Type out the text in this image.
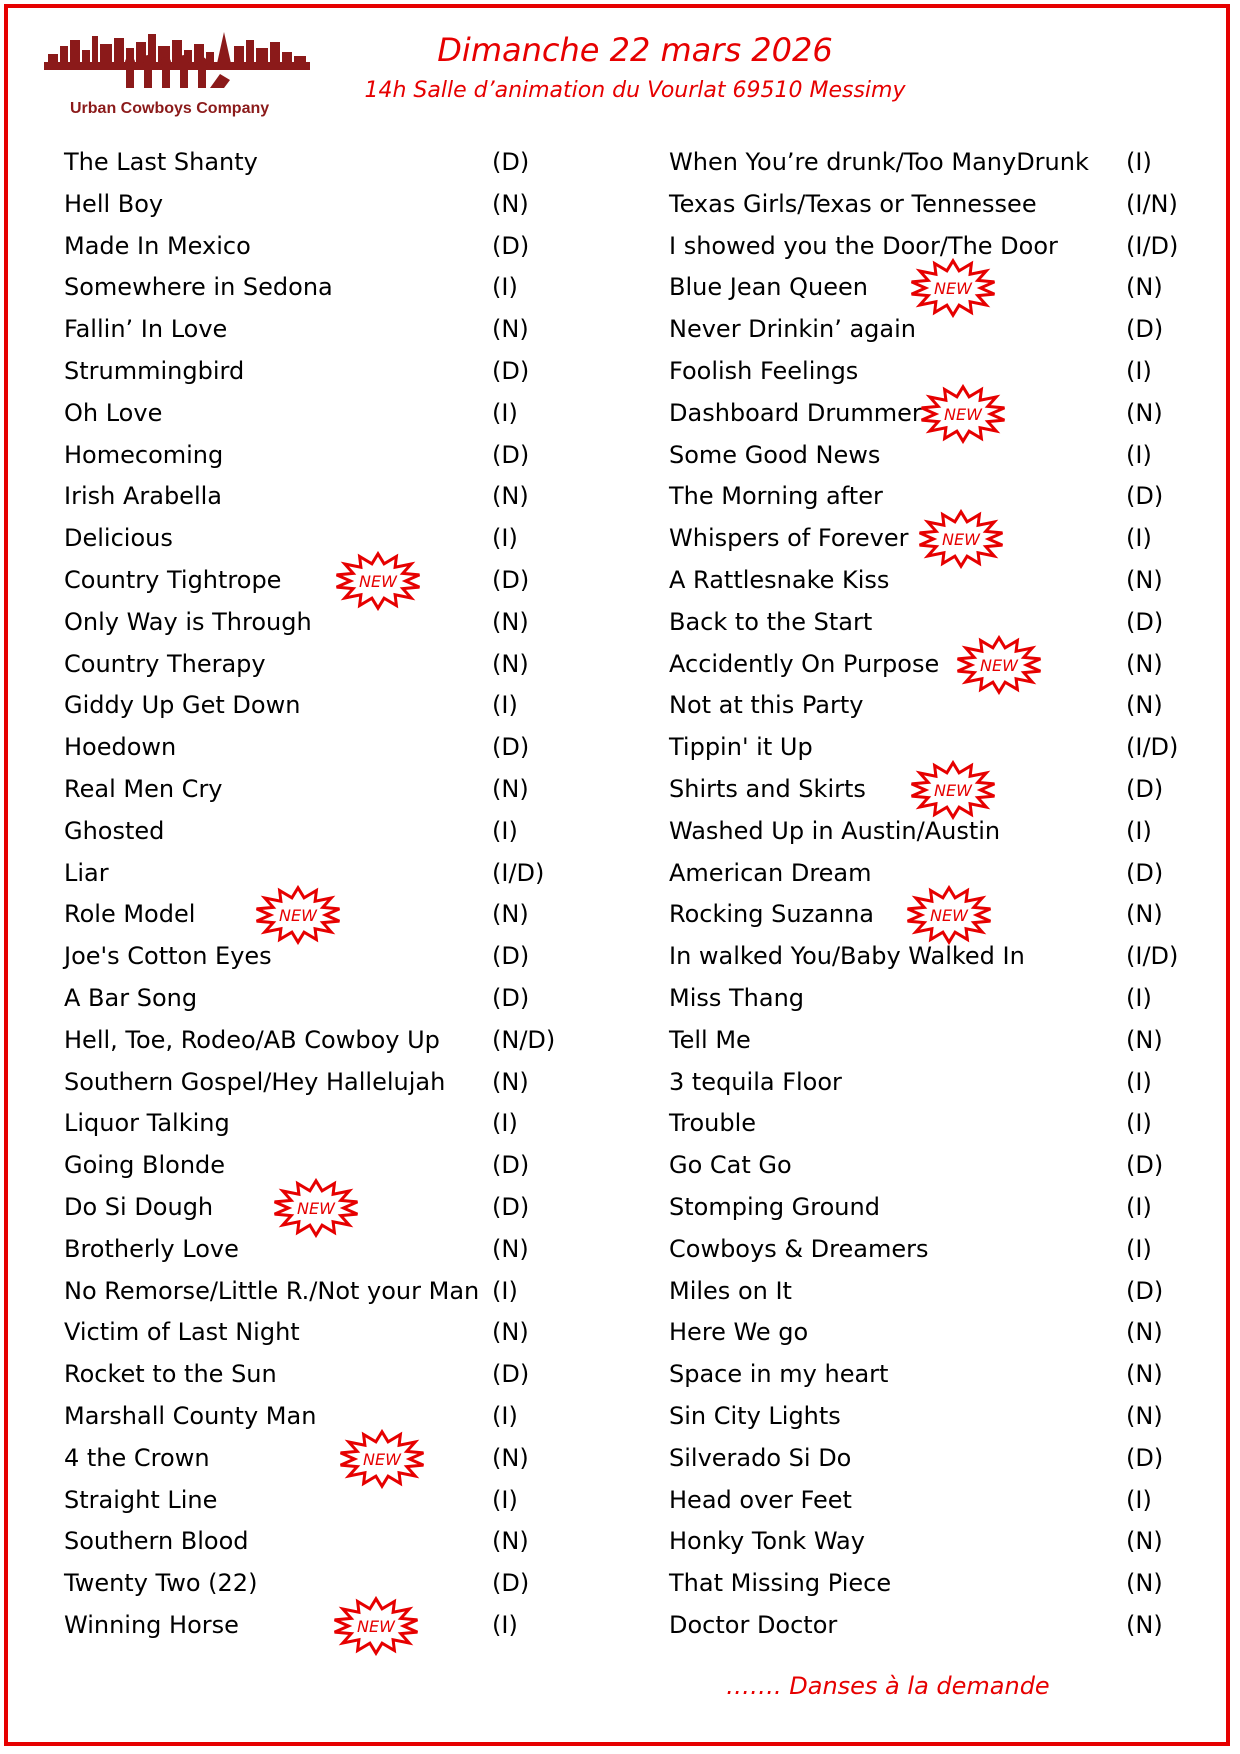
Urban Cowboys Company
Dimanche 22 mars 2026
14h Salle d’animation du Vourlat 69510 Messimy
The Last Shanty	(D)
Hell Boy	(N)
Made In Mexico	(D)
Somewhere in Sedona	(I)
Fallin’ In Love	(N)
Strummingbird	(D)
Oh Love	(I)
Homecoming	(D)
Irish Arabella	(N)
Delicious	(I)
Country Tightrope	(D)
NEW
Only Way is Through	(N)
Country Therapy	(N)
Giddy Up Get Down	(I)
Hoedown	(D)
Real Men Cry	(N)
Ghosted	(I)
Liar	(I/D)
Role Model	(N)
NEW
Joe's Cotton Eyes	(D)
A Bar Song	(D)
Hell, Toe, Rodeo/AB Cowboy Up (N/D)
Southern Gospel/Hey Hallelujah (N)
Liquor Talking	(I)
Going Blonde	(D)
Do Si Dough	(D)
NEW
Brotherly Love	(N)
No Remorse/Little R./Not your Man (I)
Victim of Last Night	(N)
Rocket to the Sun	(D)
Marshall County Man	(I)
4 the Crown	(N)
NEW
Straight Line	(I)
Southern Blood	(N)
Twenty Two (22)	(D)
Winning Horse	(I)
NEW
When You’re drunk/Too ManyDrunk (I)
Texas Girls/Texas or Tennessee	(I/N)
I showed you the Door/The Door	(I/D)
Blue Jean Queen	(N)
NEW
Never Drinkin’ again	(D)
Foolish Feelings	(I)
Dashboard Drummer	(N)
NEW
Some Good News	(I)
The Morning after	(D)
Whispers of Forever	(I)
NEW
A Rattlesnake Kiss	(N)
Back to the Start	(D)
Accidently On Purpose	(N)
NEW
Not at this Party	(N)
Tippin' it Up	(I/D)
Shirts and Skirts	(D)
NEW
Washed Up in Austin/Austin	(I)
American Dream	(D)
Rocking Suzanna	(N)
NEW
In walked You/Baby Walked In	(I/D)
Miss Thang	(I)
Tell Me	(N)
3 tequila Floor	(I)
Trouble	(I)
Go Cat Go	(D)
Stomping Ground	(I)
Cowboys & Dreamers	(I)
Miles on It	(D)
Here We go	(N)
Space in my heart	(N)
Sin City Lights	(N)
Silverado Si Do	(D)
Head over Feet	(I)
Honky Tonk Way	(N)
That Missing Piece	(N)
Doctor Doctor	(N)
……. Danses à la demande
